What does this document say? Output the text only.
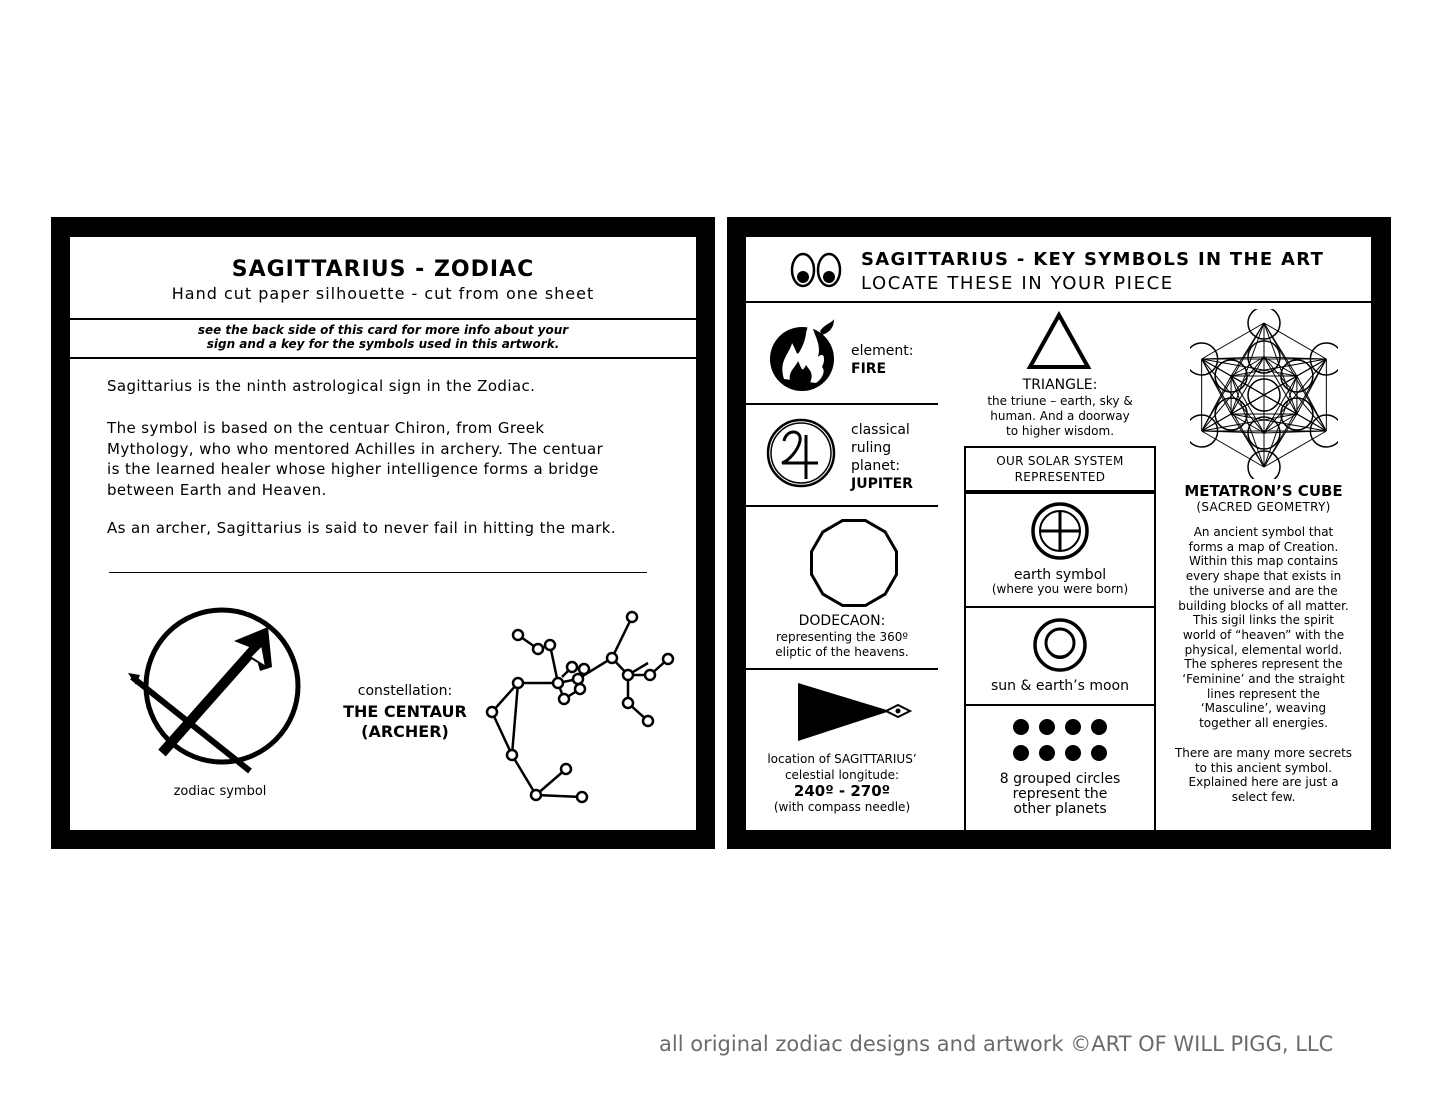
SAGITTARIUS - ZODIAC
Hand cut paper silhouette - cut from one sheet
see the back side of this card for more info about your
sign and a key for the symbols used in this artwork.
Sagittarius is the ninth astrological sign in the Zodiac.
The symbol is based on the centuar Chiron, from Greek
Mythology, who who mentored Achilles in archery. The centuar
is the learned healer whose higher intelligence forms a bridge
between Earth and Heaven.
As an archer, Sagittarius is said to never fail in hitting the mark.
zodiac symbol
constellation:
THE CENTAUR
(ARCHER)
SAGITTARIUS - KEY SYMBOLS IN THE ART
LOCATE THESE IN YOUR PIECE
element:
FIRE
classical
ruling
planet:
JUPITER
DODECAON:
representing the 360º
eliptic of the heavens.
location of SAGITTARIUS’
celestial longitude:
240º - 270º
(with compass needle)
TRIANGLE:
the triune – earth, sky &
human. And a doorway
to higher wisdom.
OUR SOLAR SYSTEM
REPRESENTED
earth symbol
(where you were born)
sun & earth’s moon
8 grouped circles
represent the
other planets
METATRON’S CUBE
(SACRED GEOMETRY)
An ancient symbol that
forms a map of Creation.
Within this map contains
every shape that exists in
the universe and are the
building blocks of all matter.
This sigil links the spirit
world of “heaven” with the
physical, elemental world.
The spheres represent the
‘Feminine’ and the straight
lines represent the
‘Masculine’, weaving
together all energies.
There are many more secrets
to this ancient symbol.
Explained here are just a
select few.
all original zodiac designs and artwork ©ART OF WILL PIGG, LLC
